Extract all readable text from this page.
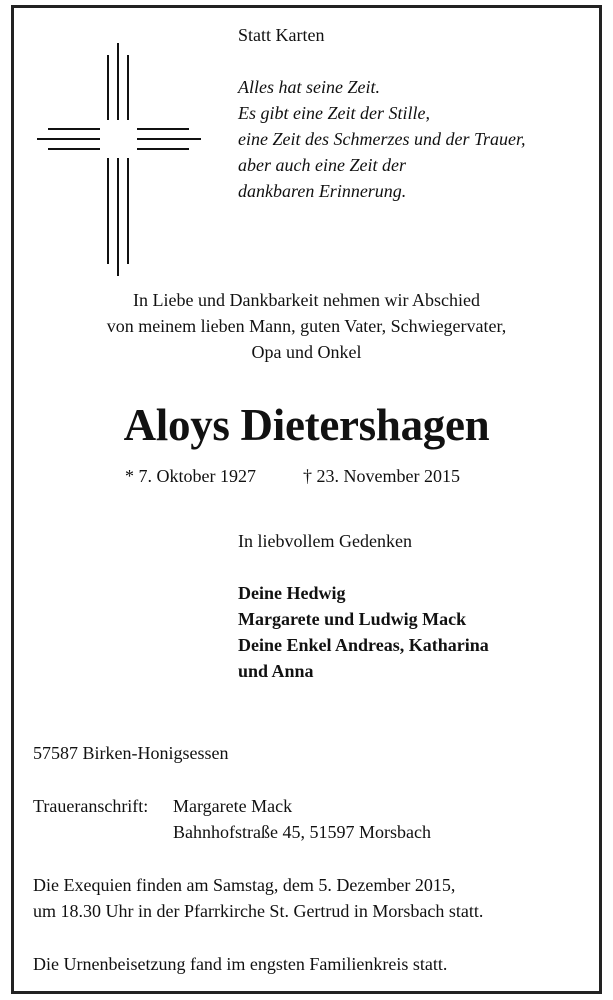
Statt Karten
Alles hat seine Zeit.
Es gibt eine Zeit der Stille,
eine Zeit des Schmerzes und der Trauer,
aber auch eine Zeit der
dankbaren Erinnerung.
In Liebe und Dankbarkeit nehmen wir Abschied
von meinem lieben Mann, guten Vater, Schwiegervater,
Opa und Onkel
Aloys Dietershagen
* 7. Oktober 1927	† 23. November 2015
In liebvollem Gedenken
Deine Hedwig
Margarete und Ludwig Mack
Deine Enkel Andreas, Katharina
und Anna
57587 Birken-Honigsessen
Traueranschrift: Margarete Mack
Bahnhofstraße 45, 51597 Morsbach
Die Exequien finden am Samstag, dem 5. Dezember 2015,
um 18.30 Uhr in der Pfarrkirche St. Gertrud in Morsbach statt.
Die Urnenbeisetzung fand im engsten Familienkreis statt.
